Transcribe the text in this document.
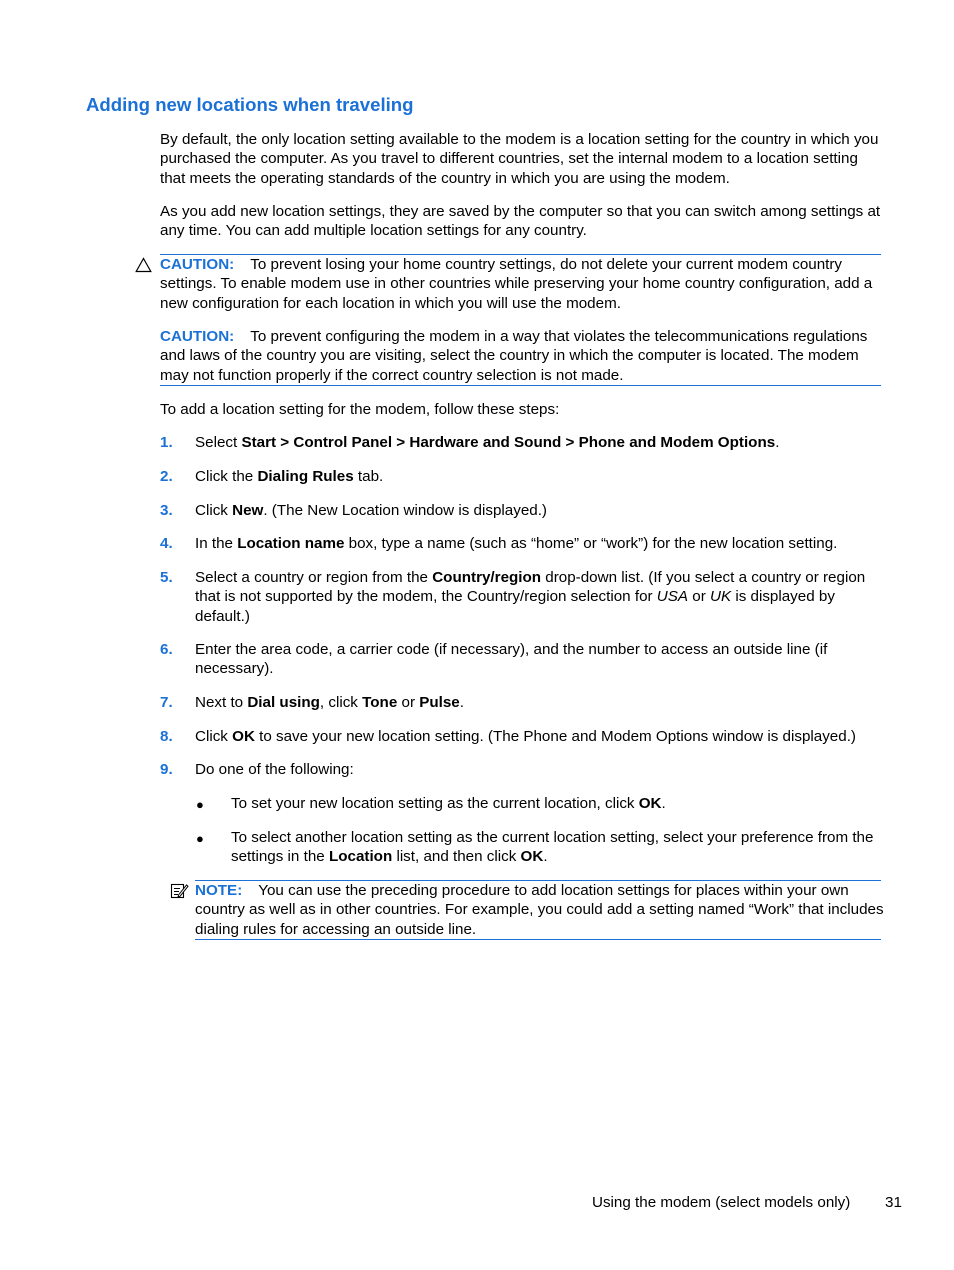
Adding new locations when traveling

By default, the only location setting available to the modem is a location setting for the country in which you purchased the computer. As you travel to different countries, set the internal modem to a location setting that meets the operating standards of the country in which you are using the modem.

As you add new location settings, they are saved by the computer so that you can switch among settings at any time. You can add multiple location settings for any country.

CAUTION: To prevent losing your home country settings, do not delete your current modem country settings. To enable modem use in other countries while preserving your home country configuration, add a new configuration for each location in which you will use the modem.

CAUTION: To prevent configuring the modem in a way that violates the telecommunications regulations and laws of the country you are visiting, select the country in which the computer is located. The modem may not function properly if the correct country selection is not made.

To add a location setting for the modem, follow these steps:

1. Select Start > Control Panel > Hardware and Sound > Phone and Modem Options.

2. Click the Dialing Rules tab.

3. Click New. (The New Location window is displayed.)

4. In the Location name box, type a name (such as “home” or “work”) for the new location setting.

5. Select a country or region from the Country/region drop-down list. (If you select a country or region that is not supported by the modem, the Country/region selection for USA or UK is displayed by default.)

6. Enter the area code, a carrier code (if necessary), and the number to access an outside line (if necessary).

7. Next to Dial using, click Tone or Pulse.

8. Click OK to save your new location setting. (The Phone and Modem Options window is displayed.)

9. Do one of the following:

● To set your new location setting as the current location, click OK.

● To select another location setting as the current location setting, select your preference from the settings in the Location list, and then click OK.

NOTE: You can use the preceding procedure to add location settings for places within your own country as well as in other countries. For example, you could add a setting named “Work” that includes dialing rules for accessing an outside line.

Using the modem (select models only) 31
